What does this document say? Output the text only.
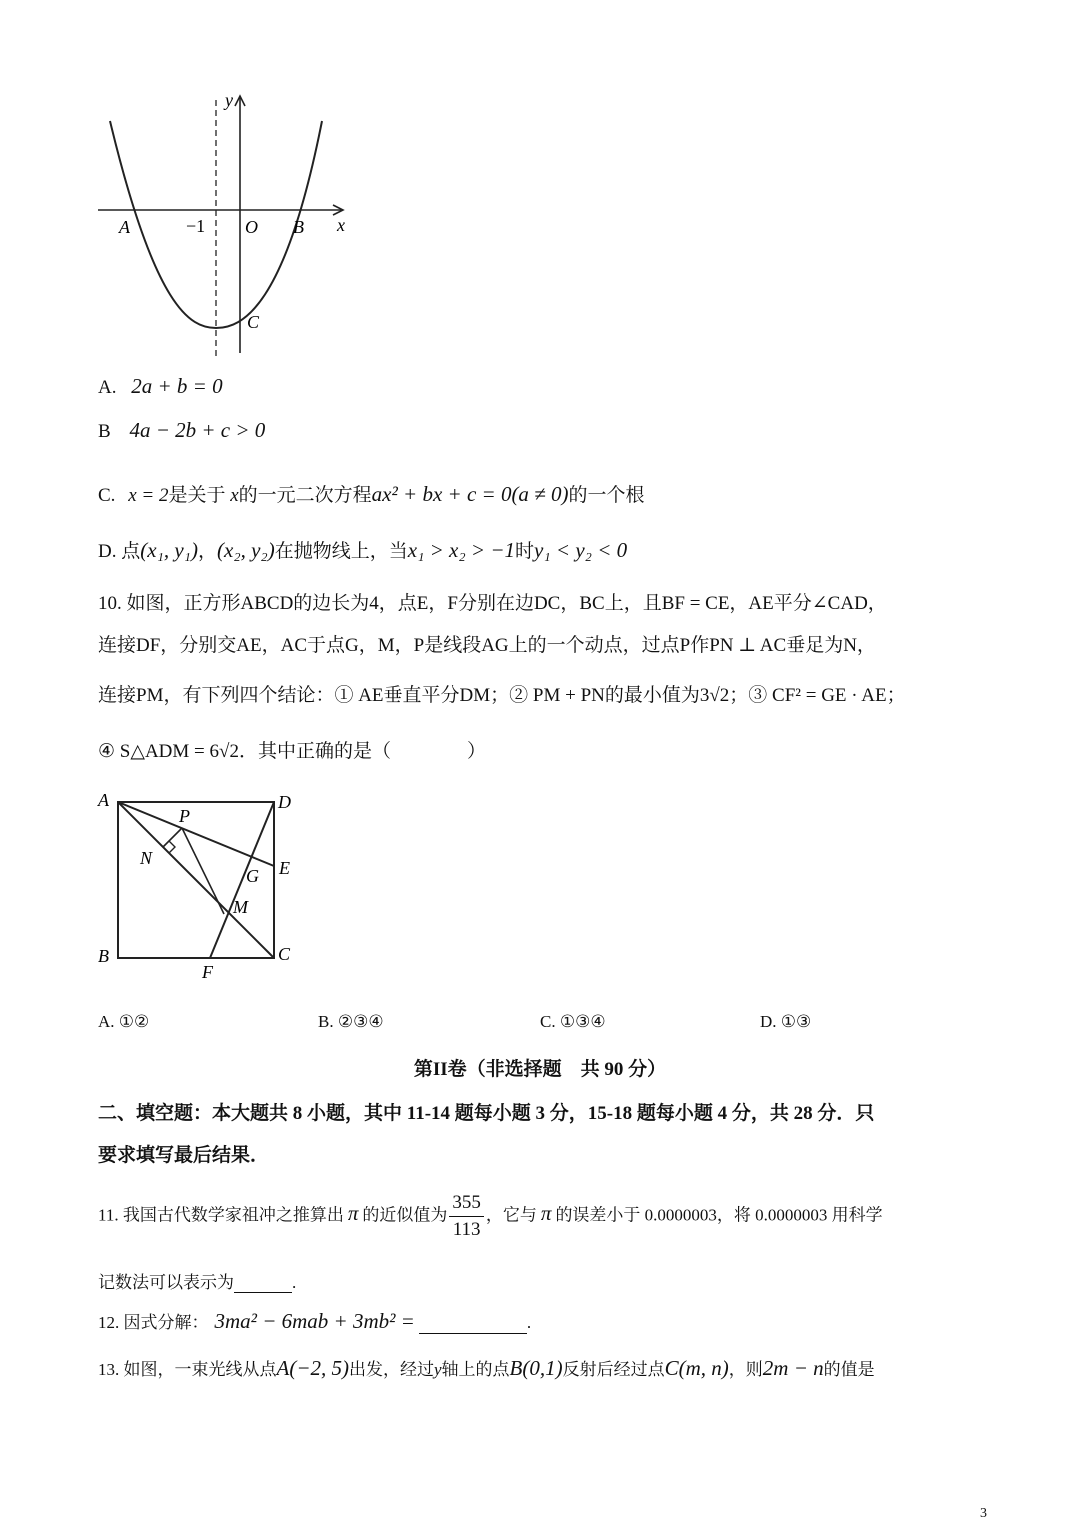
y
x
A	−1 O B
C
A. 2a + b = 0
B 4a − 2b + c > 0
C. x = 2是关于 x的一元二次方程ax² + bx + c = 0(a ≠ 0)的一个根
D. 点(x₁, y₁)，(x₂, y₂)在抛物线上，当x₁ > x₂ > −1时y₁ < y₂ < 0
10. 如图，正方形ABCD的边长为4，点E，F分别在边DC，BC上，且BF = CE，AE平分∠CAD，
连接DF，分别交AE，AC于点G，M，P是线段AG上的一个动点，过点P作PN ⊥ AC垂足为N，
连接PM，有下列四个结论：① AE垂直平分DM；② PM + PN的最小值为3√2；③ CF² = GE · AE；
④ S△ADM = 6√2．其中正确的是（　　　　）
A	D
P
N	E
G
M
B	C
F
A. ①②	B. ②③④	C. ①③④	D. ①③
第II卷（非选择题　共 90 分）
二、填空题：本大题共 8 小题，其中 11-14 题每小题 3 分，15-18 题每小题 4 分，共 28 分．只
要求填写最后结果．
11. 我国古代数学家祖冲之推算出 π 的近似值为 $\frac{355}{113}$ ，它与 π 的误差小于 0.0000003，将 0.0000003 用科学
记数法可以表示为	.
12. 因式分解： 3ma² − 6mab + 3mb² =	.
13. 如图，一束光线从点A(−2, 5)出发，经过y轴上的点B(0,1)反射后经过点C(m, n)，则2m − n的值是
3
